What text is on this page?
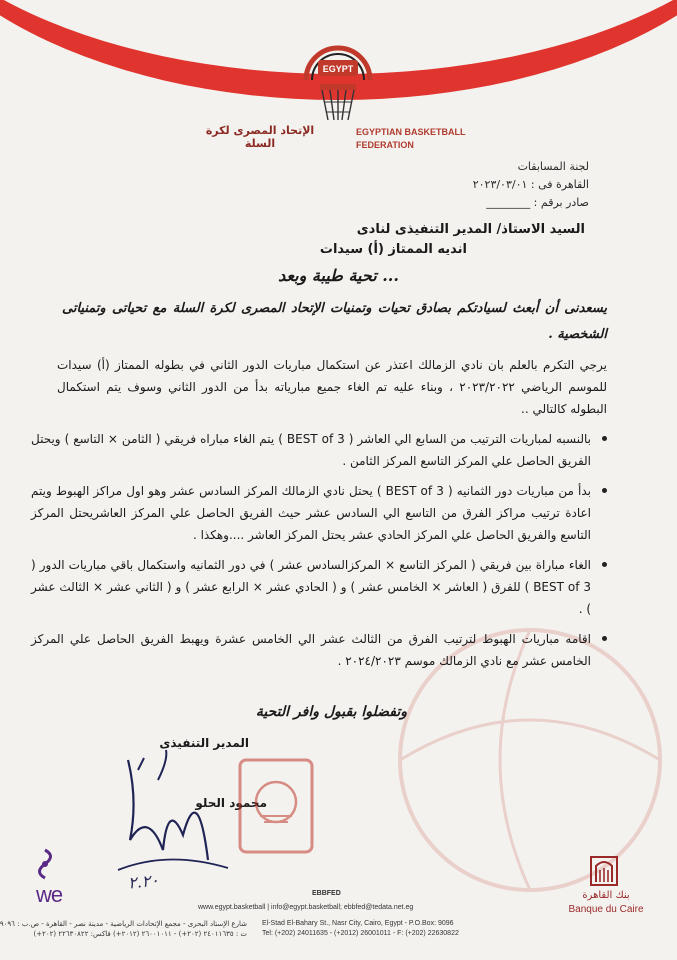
EGYPT
الإتحاد المصرى لكرة السلة
EGYPTIAN BASKETBALL
FEDERATION
لجنة المسابقات
القاهرة فى : ٢٠٢٣/٠٣/٠١
صادر برقم : ________
السيد الاستاذ/ المدير التنفيذى لنادى
انديه الممتاز (أ) سيدات
تحية طيبة وبعد ...
يسعدنى أن أبعث لسيادتكم بصادق تحيات وتمنيات الإتحاد المصرى لكرة السلة مع تحياتى وتمنياتى الشخصية .
يرجي التكرم بالعلم بان نادي الزمالك اعتذر عن استكمال مباريات الدور الثاني في بطوله الممتاز (أ) سيدات للموسم الرياضي ٢٠٢٣/٢٠٢٢ ، وبناء عليه تم الغاء جميع مبارياته بدأ من الدور الثاني وسوف يتم استكمال البطوله كالتالي ..
بالنسبه لمباريات الترتيب من السابع الي العاشر ( BEST of 3 ) يتم الغاء مباراه فريقي ( الثامن × التاسع ) ويحتل الفريق الحاصل علي المركز التاسع المركز الثامن .
بدأ من مباريات دور الثمانيه ( BEST of 3 ) يحتل نادي الزمالك المركز السادس عشر وهو اول مراكز الهبوط ويتم اعادة ترتيب مراكز الفرق من التاسع الي السادس عشر حيث الفريق الحاصل علي المركز العاشريحتل المركز التاسع والفريق الحاصل علي المركز الحادي عشر يحتل المركز العاشر ....وهكذا .
الغاء مباراة بين فريقي ( المركز التاسع × المركزالسادس عشر ) في دور الثمانيه واستكمال باقي مباريات الدور ( BEST of 3 ) للفرق ( العاشر × الخامس عشر ) و ( الحادي عشر × الرابع عشر ) و ( الثاني عشر × الثالث عشر ) .
اقامه مباريات الهبوط لترتيب الفرق من الثالث عشر الي الخامس عشرة ويهبط الفريق الحاصل علي المركز الخامس عشر مع نادي الزمالك موسم ٢٠٢٤/٢٠٢٣ .
وتفضلوا بقبول وافر التحية
المدير التنفيذى
محمود الحلو
٢.٢٠
we	بنك القاهرة
Banque du Caire
EBBFED
www.egypt.basketball | info@egypt.basketball; ebbfed@tedata.net.eg
El-Stad El-Bahary St., Nasr City, Cairo, Egypt - P.O.Box: 9096
Tel: (+202) 24011635 - (+2012) 26001011 - F: (+202) 22630822
شارع الإستاد البحرى - مجمع الإتحادات الرياضية - مدينة نصر - القاهرة - ص.ب : ٩٠٩٦
ت : ٢٤٠١١٦٣٥ (٢٠٢+) - ٢٦٠٠١٠١١ (٢٠١٢+) فاكس: ٢٢٦٣٠٨٢٢ (٢٠٢+)
